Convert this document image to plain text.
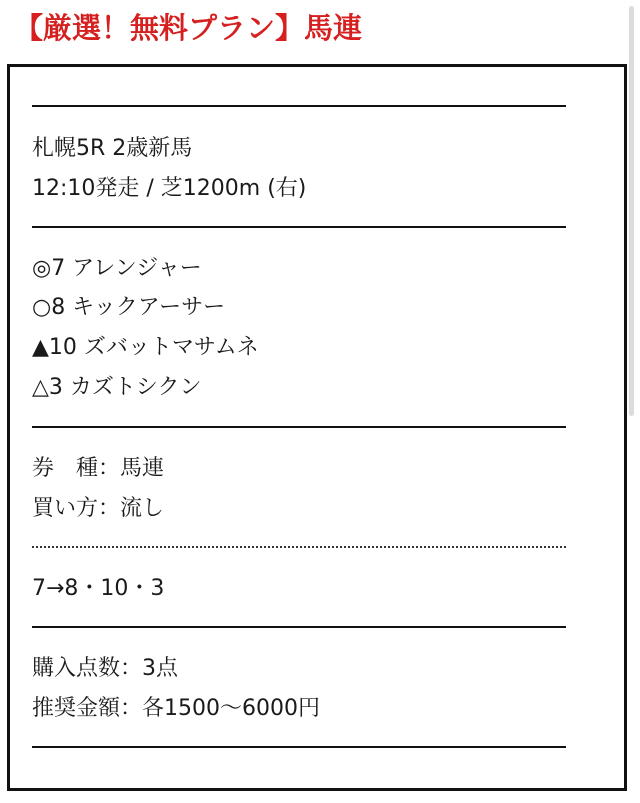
【厳選！無料プラン】馬連
札幌5R 2歳新馬
12:10発走 / 芝1200m (右)
◎7 アレンジャー
○8 キックアーサー
▲10 ズバットマサムネ
△3 カズトシクン
券　種：馬連
買い方：流し
7→8・10・3
購入点数：3点
推奨金額：各1500〜6000円
